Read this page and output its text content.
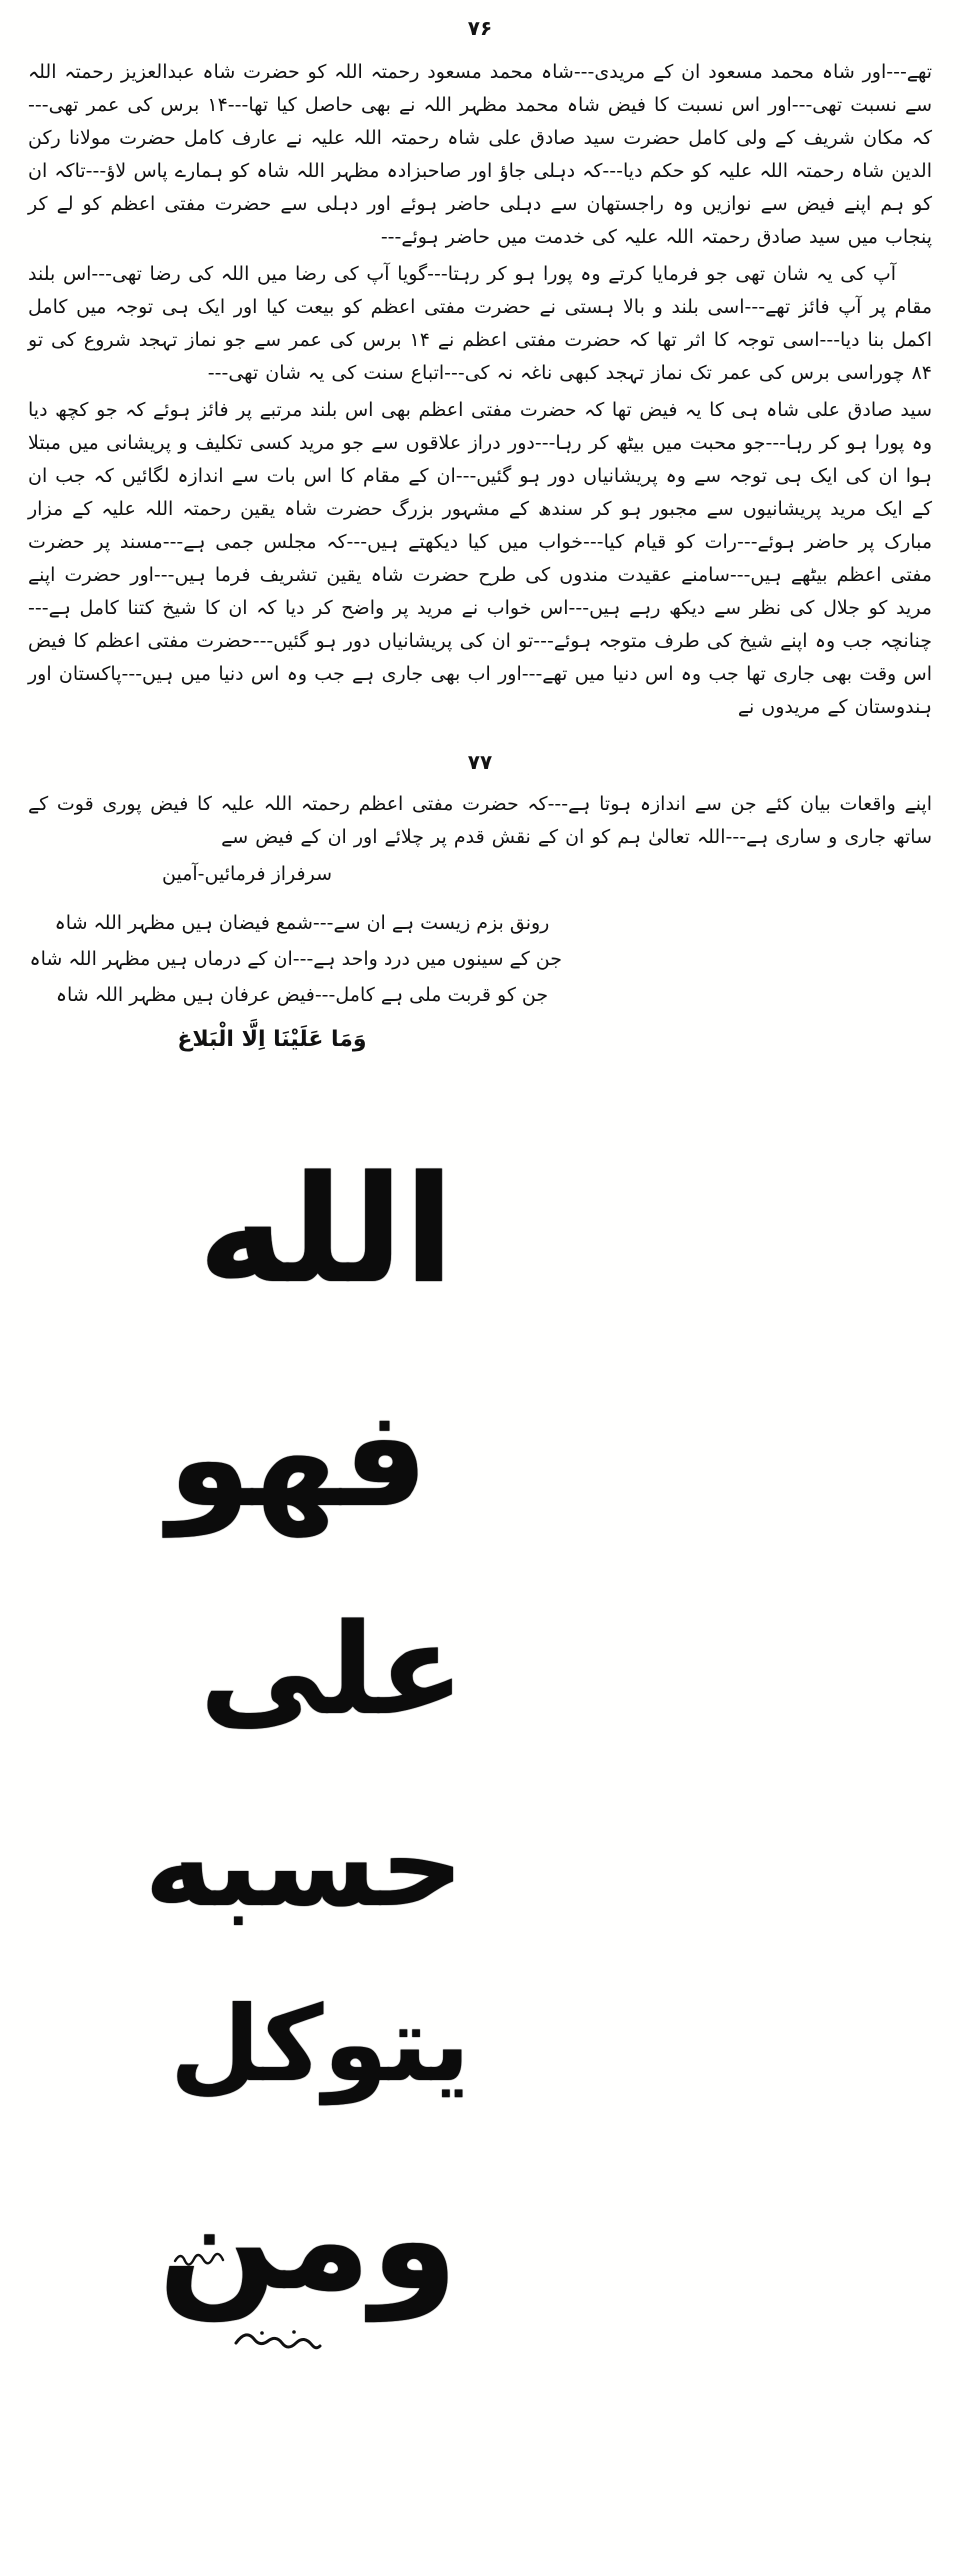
۷۶

تھے---اور شاہ محمد مسعود ان کے مریدی---شاہ محمد مسعود رحمتہ اللہ کو حضرت شاہ عبدالعزیز رحمتہ اللہ سے نسبت تھی---اور اس نسبت کا فیض شاہ محمد مظہر اللہ نے بھی حاصل کیا تھا---۱۴ برس کی عمر تھی---کہ مکان شریف کے ولی کامل حضرت سید صادق علی شاہ رحمتہ اللہ علیہ نے عارف کامل حضرت مولانا رکن الدین شاہ رحمتہ اللہ علیہ کو حکم دیا---کہ دہلی جاؤ اور صاحبزادہ مظہر اللہ شاہ کو ہمارے پاس لاؤ---تاکہ ان کو ہم اپنے فیض سے نوازیں وہ راجستھان سے دہلی حاضر ہوئے اور دہلی سے حضرت مفتی اعظم کو لے کر پنجاب میں سید صادق رحمتہ اللہ علیہ کی خدمت میں حاضر ہوئے---

آپ کی یہ شان تھی جو فرمایا کرتے وہ پورا ہو کر رہتا---گویا آپ کی رضا میں اللہ کی رضا تھی---اس بلند مقام پر آپ فائز تھے---اسی بلند و بالا ہستی نے حضرت مفتی اعظم کو بیعت کیا اور ایک ہی توجہ میں کامل اکمل بنا دیا---اسی توجہ کا اثر تھا کہ حضرت مفتی اعظم نے ۱۴ برس کی عمر سے جو نماز تہجد شروع کی تو ۸۴ چوراسی برس کی عمر تک نماز تہجد کبھی ناغہ نہ کی---اتباع سنت کی یہ شان تھی---

سید صادق علی شاہ ہی کا یہ فیض تھا کہ حضرت مفتی اعظم بھی اس بلند مرتبے پر فائز ہوئے کہ جو کچھ دیا وہ پورا ہو کر رہا---جو محبت میں بیٹھ کر رہا---دور دراز علاقوں سے جو مرید کسی تکلیف و پریشانی میں مبتلا ہوا ان کی ایک ہی توجہ سے وہ پریشانیاں دور ہو گئیں---ان کے مقام کا اس بات سے اندازہ لگائیں کہ جب ان کے ایک مرید پریشانیوں سے مجبور ہو کر سندھ کے مشہور بزرگ حضرت شاہ یقین رحمتہ اللہ علیہ کے مزار مبارک پر حاضر ہوئے---رات کو قیام کیا---خواب میں کیا دیکھتے ہیں---کہ مجلس جمی ہے---مسند پر حضرت مفتی اعظم بیٹھے ہیں---سامنے عقیدت مندوں کی طرح حضرت شاہ یقین تشریف فرما ہیں---اور حضرت اپنے مرید کو جلال کی نظر سے دیکھ رہے ہیں---اس خواب نے مرید پر واضح کر دیا کہ ان کا شیخ کتنا کامل ہے---چنانچہ جب وہ اپنے شیخ کی طرف متوجہ ہوئے---تو ان کی پریشانیاں دور ہو گئیں---حضرت مفتی اعظم کا فیض اس وقت بھی جاری تھا جب وہ اس دنیا میں تھے---اور اب بھی جاری ہے جب وہ اس دنیا میں ہیں---پاکستان اور ہندوستان کے مریدوں نے

۷۷

اپنے واقعات بیان کئے جن سے اندازہ ہوتا ہے---کہ حضرت مفتی اعظم رحمتہ اللہ علیہ کا فیض پوری قوت کے ساتھ جاری و ساری ہے---اللہ تعالیٰ ہم کو ان کے نقش قدم پر چلائے اور ان کے فیض سے

سرفراز فرمائیں-آمین
رونق بزم زیست ہے ان سے---شمع فیضان ہیں مظہر اللہ شاہ
جن کے سینوں میں درد واحد ہے---ان کے درماں ہیں مظہر اللہ شاہ
جن کو قربت ملی ہے کامل---فیض عرفان ہیں مظہر اللہ شاہ
وَمَا عَلَيْنَا اِلَّا الْبَلاغ
الله
فهو
على
حسبه
يتوكل
ومن
